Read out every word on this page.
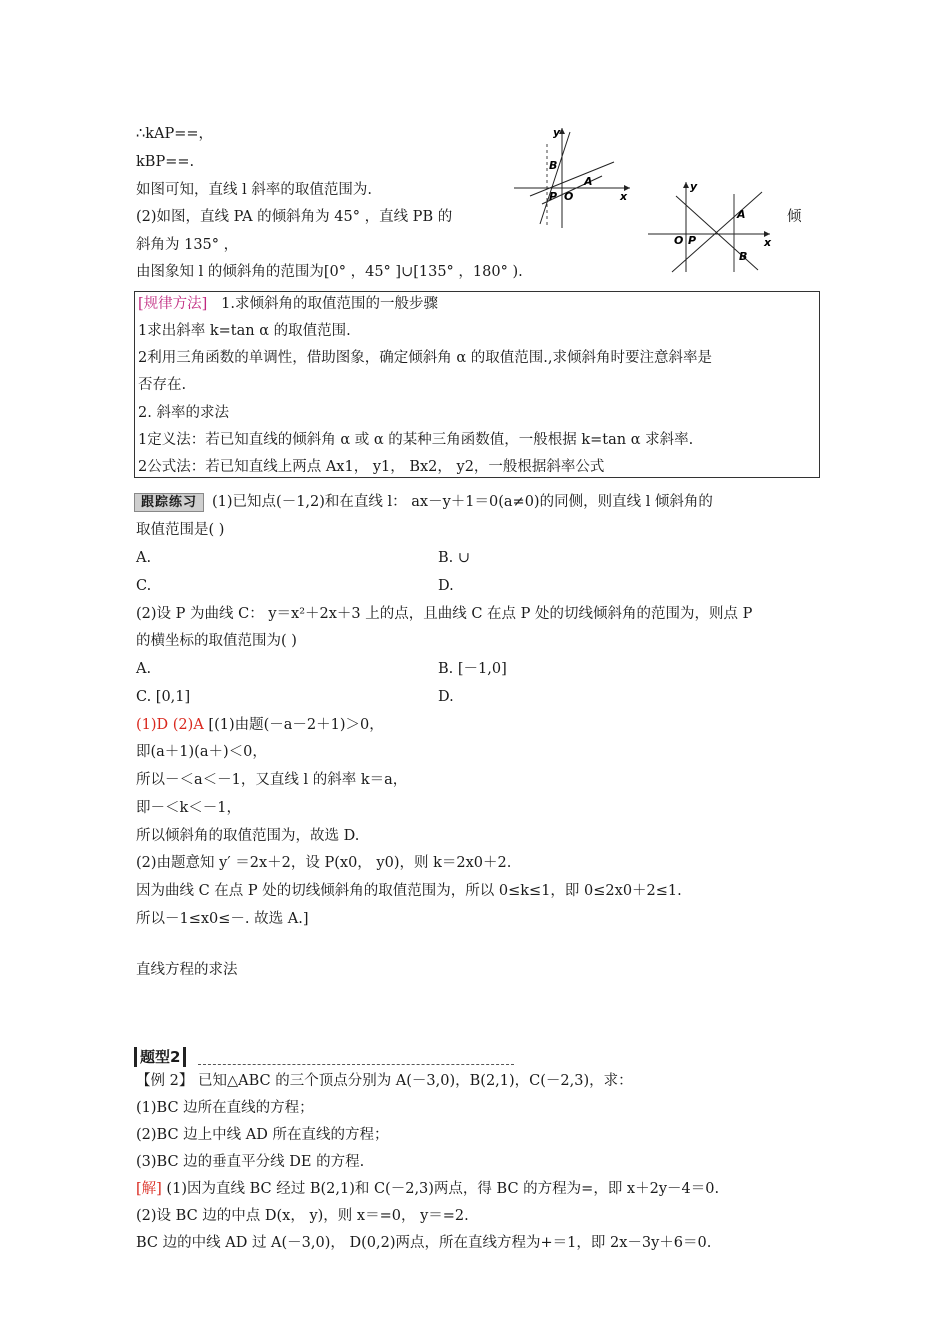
∴kAP==，
kBP==.
如图可知，直线 l 斜率的取值范围为.
(2)如图，直线 PA 的倾斜角为 45° ，直线 PB 的	倾
斜角为 135° ，
由图象知 l 的倾斜角的范围为[0° ，45° ]∪[135° ，180° ).
y
x
B
A
P O
y
x
A
B
O P
[规律方法] 1.求倾斜角的取值范围的一般步骤
1求出斜率 k=tan α 的取值范围.
2利用三角函数的单调性，借助图象，确定倾斜角 α 的取值范围.,求倾斜角时要注意斜率是
否存在.
2. 斜率的求法
1定义法：若已知直线的倾斜角 α 或 α 的某种三角函数值，一般根据 k=tan α 求斜率.
2公式法：若已知直线上两点 Ax1， y1， Bx2， y2，一般根据斜率公式
跟踪练习 (1)已知点(－1,2)和在直线 l： ax－y＋1＝0(a≠0)的同侧，则直线 l 倾斜角的
取值范围是( )
A.	B. ∪
C.	D.
(2)设 P 为曲线 C： y＝x²＋2x＋3 上的点，且曲线 C 在点 P 处的切线倾斜角的范围为，则点 P
的横坐标的取值范围为( )
A.	B. [－1,0]
C. [0,1]	D.
(1)D (2)A [(1)由题(－a－2＋1)＞0，
即(a＋1)(a＋)＜0，
所以－＜a＜－1，又直线 l 的斜率 k＝a，
即－＜k＜－1，
所以倾斜角的取值范围为，故选 D.
(2)由题意知 y′ ＝2x＋2，设 P(x0， y0)，则 k＝2x0＋2.
因为曲线 C 在点 P 处的切线倾斜角的取值范围为，所以 0≤k≤1，即 0≤2x0＋2≤1.
所以－1≤x0≤－. 故选 A.]
直线方程的求法
题型2
【例 2】 已知△ABC 的三个顶点分别为 A(－3,0)，B(2,1)，C(－2,3)，求：
(1)BC 边所在直线的方程；
(2)BC 边上中线 AD 所在直线的方程；
(3)BC 边的垂直平分线 DE 的方程.
[解] (1)因为直线 BC 经过 B(2,1)和 C(－2,3)两点，得 BC 的方程为=，即 x＋2y－4＝0.
(2)设 BC 边的中点 D(x， y)，则 x＝=0， y＝=2.
BC 边的中线 AD 过 A(－3,0)， D(0,2)两点，所在直线方程为+＝1，即 2x－3y＋6＝0.
